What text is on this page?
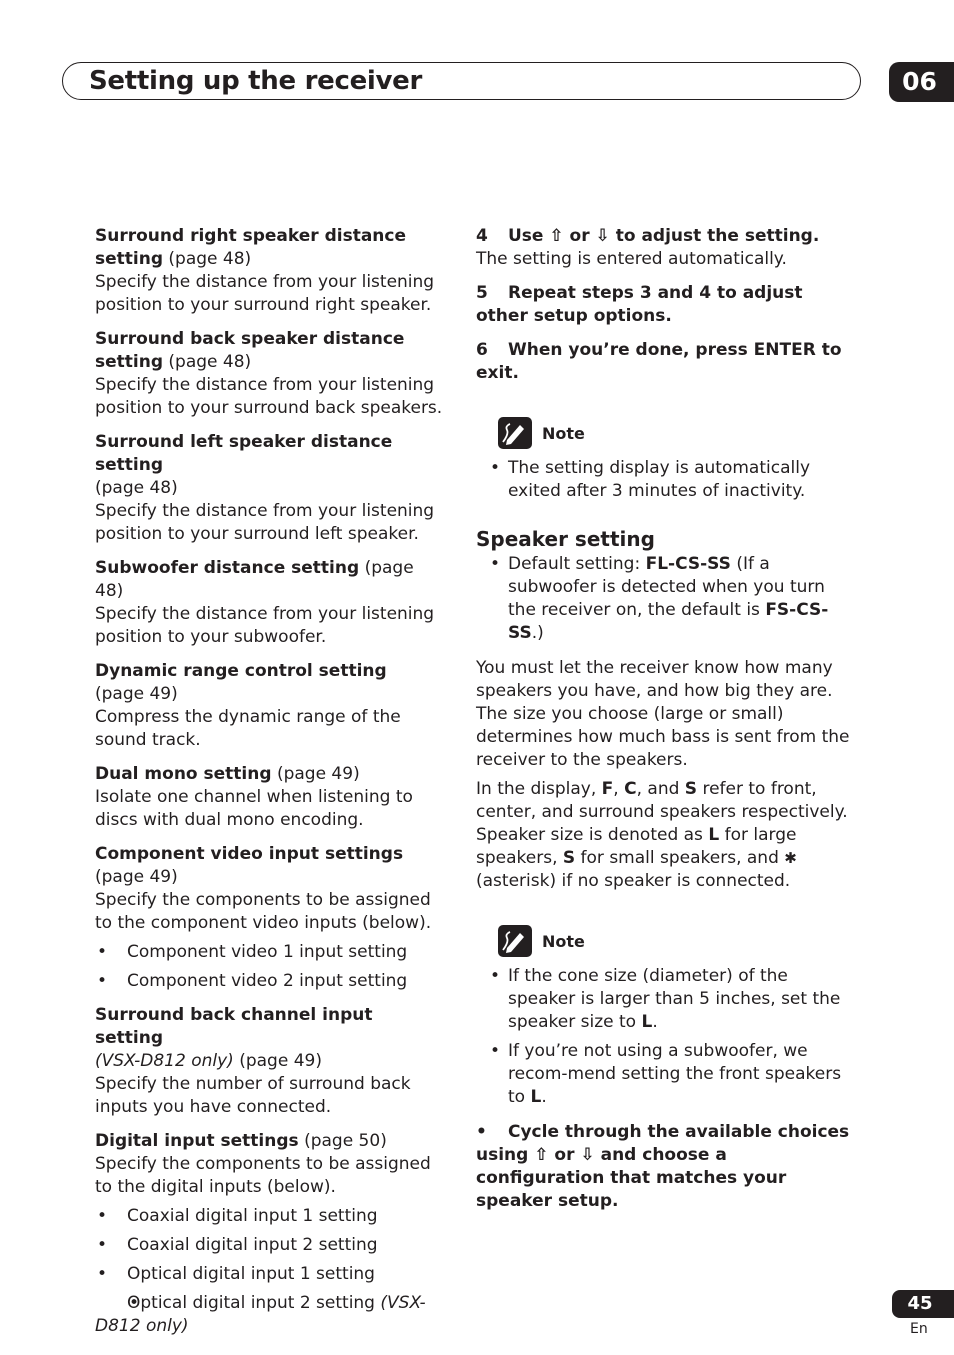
Setting up the receiver	06
Surround right speaker distance setting (page 48)
Specify the distance from your listening position to your surround right speaker.
Surround back speaker distance setting (page 48)
Specify the distance from your listening position to your surround back speakers.
Surround left speaker distance setting
(page 48)
Specify the distance from your listening position to your surround left speaker.
Subwoofer distance setting (page 48)
Specify the distance from your listening position to your subwoofer.
Dynamic range control setting
(page 49)
Compress the dynamic range of the sound track.
Dual mono setting (page 49)
Isolate one channel when listening to discs with dual mono encoding.
Component video input settings
(page 49)
Specify the components to be assigned to the component video inputs (below).
• Component video 1 input setting
• Component video 2 input setting
Surround back channel input setting
(VSX-D812 only) (page 49)
Specify the number of surround back inputs you have connected.
Digital input settings (page 50)
Specify the components to be assigned to the digital inputs (below).
• Coaxial digital input 1 setting
• Coaxial digital input 2 setting
• Optical digital input 1 setting
• Optical digital input 2 setting (VSX-D812 only)
4 Use ⇧ or ⇩ to adjust the setting.
The setting is entered automatically.
5 Repeat steps 3 and 4 to adjust other setup options.
6 When you’re done, press ENTER to exit.
Note
• The setting display is automatically exited after 3 minutes of inactivity.
Speaker setting
• Default setting: FL-CS-SS (If a subwoofer is detected when you turn the receiver on, the default is FS-CS-SS.)
You must let the receiver know how many speakers you have, and how big they are. The size you choose (large or small) determines how much bass is sent from the receiver to the speakers.
In the display, F, C, and S refer to front, center, and surround speakers respectively. Speaker size is denoted as L for large speakers, S for small speakers, and ✱ (asterisk) if no speaker is connected.
Note
• If the cone size (diameter) of the speaker is larger than 5 inches, set the speaker size to L.
• If you’re not using a subwoofer, we recom-mend setting the front speakers to L.
• Cycle through the available choices using ⇧ or ⇩ and choose a configuration that matches your speaker setup.
45
En
